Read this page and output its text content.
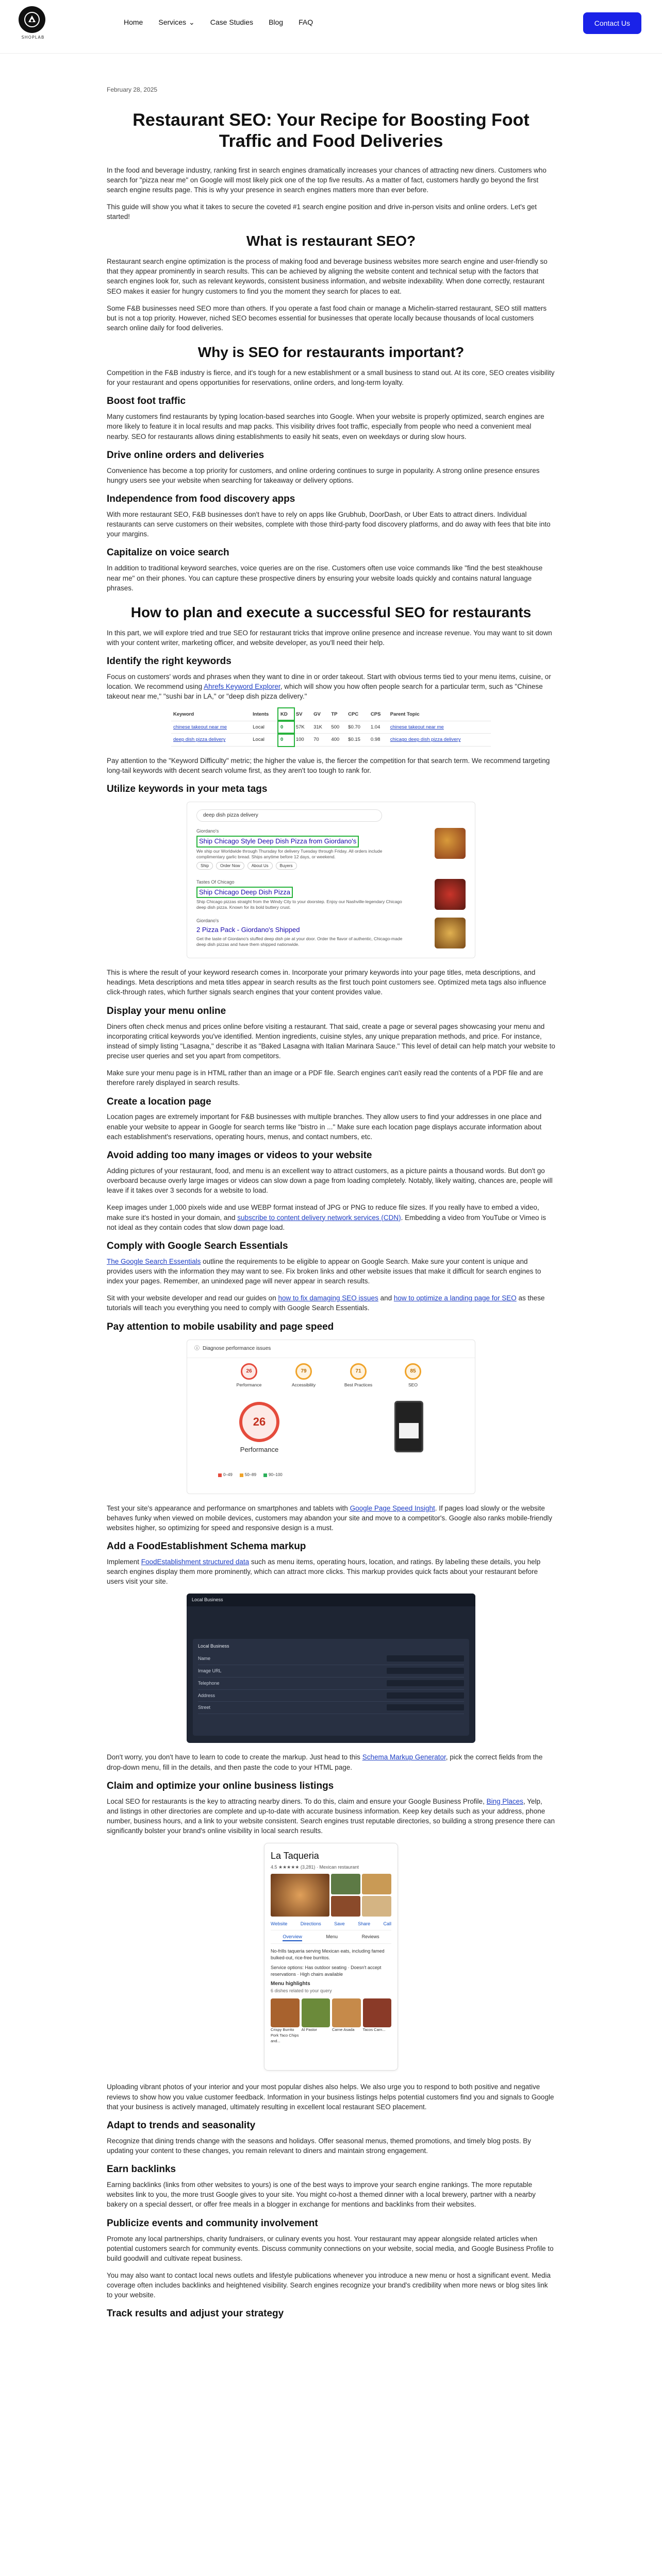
SHOPLAB
Home Services ⌄ Case Studies Blog FAQ	Contact Us
February 28, 2025
Restaurant SEO: Your Recipe for Boosting Foot Traffic and Food Deliveries

In the food and beverage industry, ranking first in search engines dramatically increases your chances of attracting new diners. Customers who search for "pizza near me" on Google will most likely pick one of the top five results. As a matter of fact, customers hardly go beyond the first search engine results page. This is why your presence in search engines matters more than ever before.

This guide will show you what it takes to secure the coveted #1 search engine position and drive in-person visits and online orders. Let's get started!

What is restaurant SEO?

Restaurant search engine optimization is the process of making food and beverage business websites more search engine and user-friendly so that they appear prominently in search results. This can be achieved by aligning the website content and technical setup with the factors that search engines look for, such as relevant keywords, consistent business information, and website indexability. When done correctly, restaurant SEO makes it easier for hungry customers to find you the moment they search for places to eat.

Some F&B businesses need SEO more than others. If you operate a fast food chain or manage a Michelin-starred restaurant, SEO still matters but is not a top priority. However, niched SEO becomes essential for businesses that operate locally because thousands of local customers search online daily for food deliveries.

Why is SEO for restaurants important?

Competition in the F&B industry is fierce, and it's tough for a new establishment or a small business to stand out. At its core, SEO creates visibility for your restaurant and opens opportunities for reservations, online orders, and long-term loyalty.

Boost foot traffic

Many customers find restaurants by typing location-based searches into Google. When your website is properly optimized, search engines are more likely to feature it in local results and map packs. This visibility drives foot traffic, especially from people who need a convenient meal nearby. SEO for restaurants allows dining establishments to easily hit seats, even on weekdays or during slow hours.

Drive online orders and deliveries

Convenience has become a top priority for customers, and online ordering continues to surge in popularity. A strong online presence ensures hungry users see your website when searching for takeaway or delivery options.

Independence from food discovery apps

With more restaurant SEO, F&B businesses don't have to rely on apps like Grubhub, DoorDash, or Uber Eats to attract diners. Individual restaurants can serve customers on their websites, complete with those third-party food discovery platforms, and do away with fees that bite into your margins.

Capitalize on voice search

In addition to traditional keyword searches, voice queries are on the rise. Customers often use voice commands like "find the best steakhouse near me" on their phones. You can capture these prospective diners by ensuring your website loads quickly and contains natural language phrases.

How to plan and execute a successful SEO for restaurants

In this part, we will explore tried and true SEO for restaurant tricks that improve online presence and increase revenue. You may want to sit down with your content writer, marketing officer, and website developer, as you'll need their help.

Identify the right keywords

Focus on customers' words and phrases when they want to dine in or order takeout. Start with obvious terms tied to your menu items, cuisine, or location. We recommend using Ahrefs Keyword Explorer, which will show you how often people search for a particular term, such as "Chinese takeout near me," "sushi bar in LA," or "deep dish pizza delivery."

Keyword	Intents	KD	SV	GV	TP	CPC	CPS	Parent Topic
chinese takeout near me	Local	0	57K	31K	500	$0.70	1.04	chinese takeout near me
deep dish pizza delivery	Local	0	100	70	400	$0.15	0.98	chicago deep dish pizza delivery

Pay attention to the "Keyword Difficulty" metric; the higher the value is, the fiercer the competition for that search term. We recommend targeting long-tail keywords with decent search volume first, as they aren't too tough to rank for.

Utilize keywords in your meta tags
deep dish pizza delivery
Giordano's
Ship Chicago Style Deep Dish Pizza from Giordano's
We ship our Worldwide through Thursday for delivery Tuesday through Friday. All orders include complimentary garlic bread. Ships anytime before 12 days, or weekend.
Ship	Order Now	About Us	Buyers
Tastes Of Chicago
Ship Chicago Deep Dish Pizza
Ship Chicago pizzas straight from the Windy City to your doorstep. Enjoy our Nashville-legendary Chicago deep dish pizza. Known for its bold buttery crust.
Giordano's
2 Pizza Pack - Giordano's Shipped
Get the taste of Giordano's stuffed deep dish pie at your door. Order the flavor of authentic, Chicago-made deep dish pizzas and have them shipped nationwide.

This is where the result of your keyword research comes in. Incorporate your primary keywords into your page titles, meta descriptions, and headings. Meta descriptions and meta titles appear in search results as the first touch point customers see. Optimized meta tags also influence click-through rates, which further signals search engines that your content provides value.

Display your menu online

Diners often check menus and prices online before visiting a restaurant. That said, create a page or several pages showcasing your menu and incorporating critical keywords you've identified. Mention ingredients, cuisine styles, any unique preparation methods, and price. For instance, instead of simply listing "Lasagna," describe it as "Baked Lasagna with Italian Marinara Sauce." This level of detail can help match your website to precise user queries and set you apart from competitors.

Make sure your menu page is in HTML rather than an image or a PDF file. Search engines can't easily read the contents of a PDF file and are therefore rarely displayed in search results.

Create a location page

Location pages are extremely important for F&B businesses with multiple branches. They allow users to find your addresses in one place and enable your website to appear in Google for search terms like "bistro in ..." Make sure each location page displays accurate information about each establishment's reservations, operating hours, menus, and contact numbers, etc.

Avoid adding too many images or videos to your website

Adding pictures of your restaurant, food, and menu is an excellent way to attract customers, as a picture paints a thousand words. But don't go overboard because overly large images or videos can slow down a page from loading completely. Notably, likely waiting, chances are, people will leave if it takes over 3 seconds for a website to load.

Keep images under 1,000 pixels wide and use WEBP format instead of JPG or PNG to reduce file sizes. If you really have to embed a video, make sure it's hosted in your domain, and subscribe to content delivery network services (CDN). Embedding a video from YouTube or Vimeo is not ideal as they contain codes that slow down page load.

Comply with Google Search Essentials

The Google Search Essentials outline the requirements to be eligible to appear on Google Search. Make sure your content is unique and provides users with the information they may want to see. Fix broken links and other website issues that make it difficult for search engines to index your pages. Remember, an unindexed page will never appear in search results.

Sit with your website developer and read our guides on how to fix damaging SEO issues and how to optimize a landing page for SEO as these tutorials will teach you everything you need to comply with Google Search Essentials.

Pay attention to mobile usability and page speed
ⓘ Diagnose performance issues
26
Performance
79
Accessibility
71
Best Practices
85
SEO
26
Performance
0–49	50–89	90–100

Test your site's appearance and performance on smartphones and tablets with Google Page Speed Insight. If pages load slowly or the website behaves funky when viewed on mobile devices, customers may abandon your site and move to a competitor's. Google also ranks mobile-friendly websites higher, so optimizing for speed and responsive design is a must.

Add a FoodEstablishment Schema markup

Implement FoodEstablishment structured data such as menu items, operating hours, location, and ratings. By labeling these details, you help search engines display them more prominently, which can attract more clicks. This markup provides quick facts about your restaurant before users visit your site.

Local Business
Local Business
Name
Image URL
Telephone
Address
Street

Don't worry, you don't have to learn to code to create the markup. Just head to this Schema Markup Generator, pick the correct fields from the drop-down menu, fill in the details, and then paste the code to your HTML page.

Claim and optimize your online business listings

Local SEO for restaurants is the key to attracting nearby diners. To do this, claim and ensure your Google Business Profile, Bing Places, Yelp, and listings in other directories are complete and up-to-date with accurate business information. Keep key details such as your address, phone number, business hours, and a link to your website consistent. Search engines trust reputable directories, so building a strong presence there can significantly bolster your brand's online visibility in local search results.

La Taqueria
4.5 ★★★★★ (3,281) · Mexican restaurant
Website	Directions	Save	Share	Call
Overview	Menu	Reviews

No-frills taqueria serving Mexican eats, including famed bulked-out, rice-free burritos.

Service options: Has outdoor seating · Doesn't accept reservations · High chairs available

Menu highlights
6 dishes related to your query
Crispy Burrito Pork Taco Chips and...
Al Pastor	Carne Asada	Tacos Carn...

Uploading vibrant photos of your interior and your most popular dishes also helps. We also urge you to respond to both positive and negative reviews to show how you value customer feedback. Information in your business listings helps potential customers find you and signals to Google that your business is actively managed, ultimately resulting in excellent local restaurant SEO placement.

Adapt to trends and seasonality

Recognize that dining trends change with the seasons and holidays. Offer seasonal menus, themed promotions, and timely blog posts. By updating your content to these changes, you remain relevant to diners and maintain strong engagement.

Earn backlinks

Earning backlinks (links from other websites to yours) is one of the best ways to improve your search engine rankings. The more reputable websites link to you, the more trust Google gives to your site. You might co-host a themed dinner with a local brewery, partner with a nearby bakery on a special dessert, or offer free meals in a blogger in exchange for mentions and backlinks from their websites.

Publicize events and community involvement

Promote any local partnerships, charity fundraisers, or culinary events you host. Your restaurant may appear alongside related articles when potential customers search for community events. Discuss community connections on your website, social media, and Google Business Profile to build goodwill and cultivate repeat business.

You may also want to contact local news outlets and lifestyle publications whenever you introduce a new menu or host a significant event. Media coverage often includes backlinks and heightened visibility. Search engines recognize your brand's credibility when more news or blog sites link to your website.

Track results and adjust your strategy
